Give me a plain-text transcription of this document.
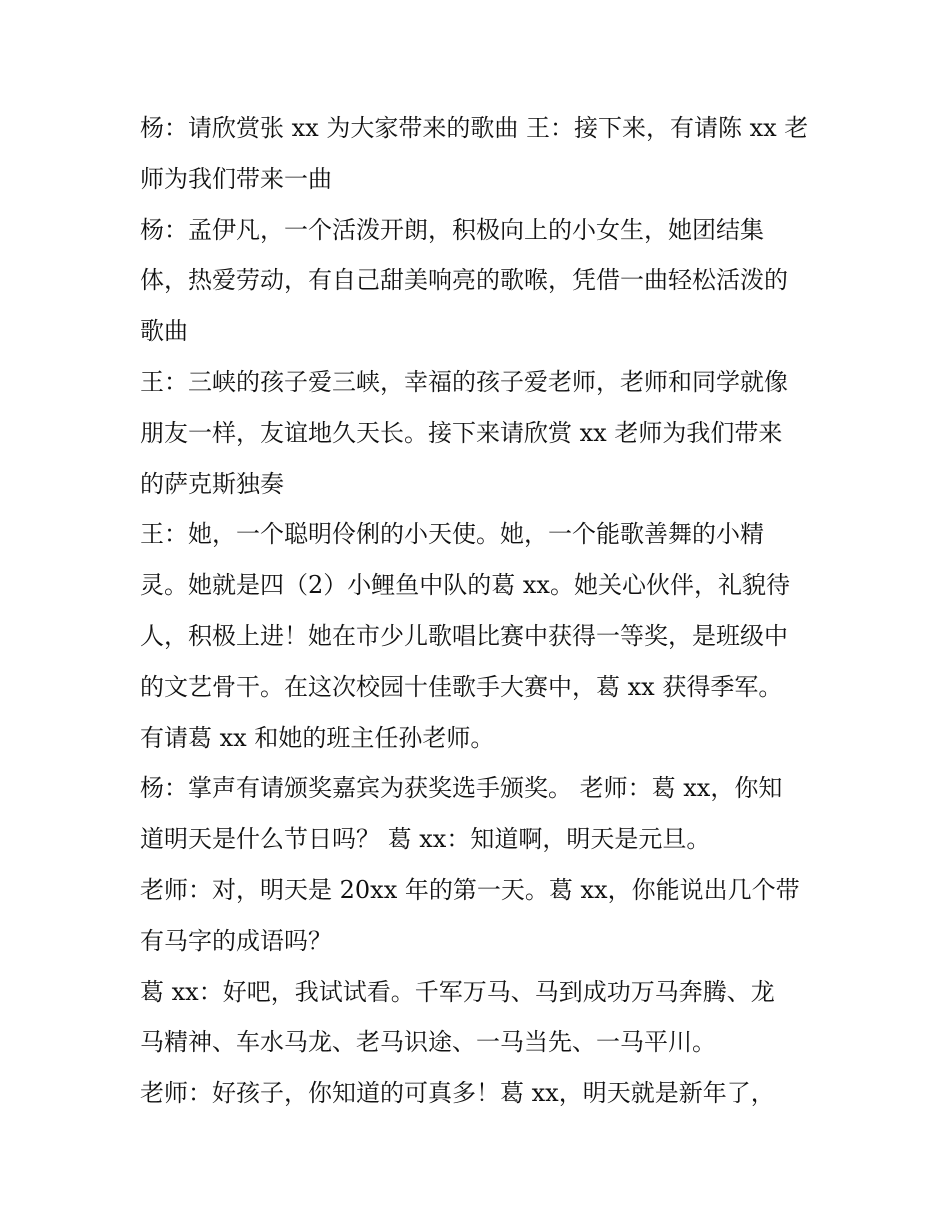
杨：请欣赏张 xx 为大家带来的歌曲 王：接下来，有请陈 xx 老
师为我们带来一曲
杨：孟伊凡，一个活泼开朗，积极向上的小女生，她团结集
体，热爱劳动，有自己甜美响亮的歌喉，凭借一曲轻松活泼的
歌曲
王：三峡的孩子爱三峡，幸福的孩子爱老师，老师和同学就像
朋友一样，友谊地久天长。接下来请欣赏 xx 老师为我们带来
的萨克斯独奏
王：她，一个聪明伶俐的小天使。她，一个能歌善舞的小精
灵。她就是四（2）小鲤鱼中队的葛 xx。她关心伙伴，礼貌待
人，积极上进！她在市少儿歌唱比赛中获得一等奖，是班级中
的文艺骨干。在这次校园十佳歌手大赛中，葛 xx 获得季军。
有请葛 xx 和她的班主任孙老师。
杨：掌声有请颁奖嘉宾为获奖选手颁奖。 老师：葛 xx，你知
道明天是什么节日吗？ 葛 xx：知道啊，明天是元旦。
老师：对，明天是 20xx 年的第一天。葛 xx，你能说出几个带
有马字的成语吗？
葛 xx：好吧，我试试看。千军万马、马到成功万马奔腾、龙
马精神、车水马龙、老马识途、一马当先、一马平川。
老师：好孩子，你知道的可真多！葛 xx，明天就是新年了，
